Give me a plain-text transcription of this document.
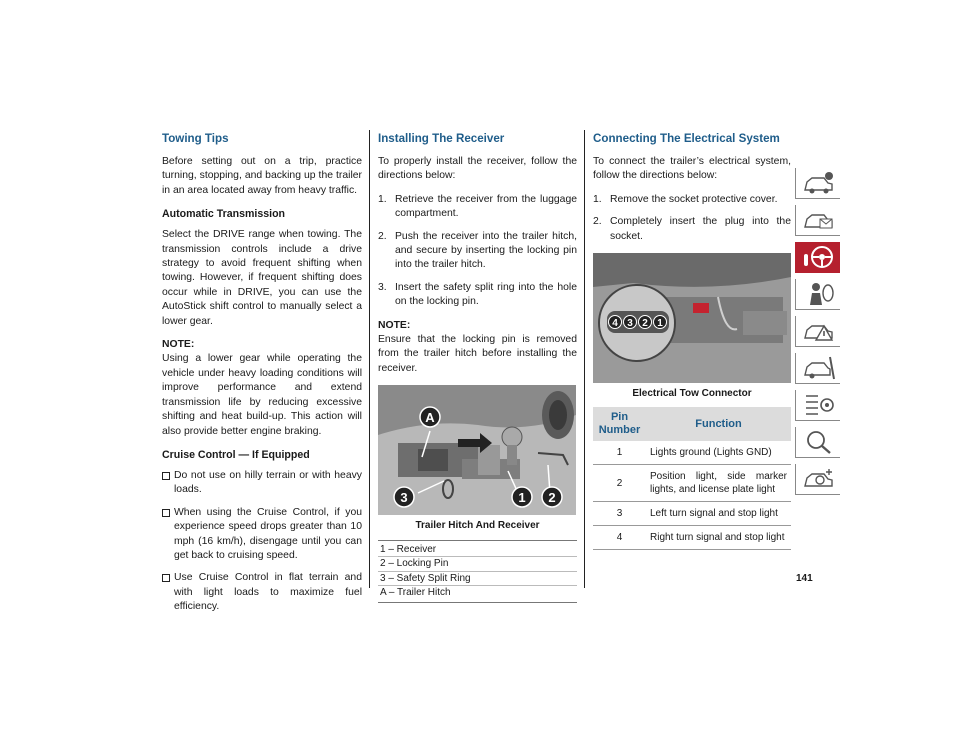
Towing Tips

Before setting out on a trip, practice turning, stopping, and backing up the trailer in an area located away from heavy traffic.

Automatic Transmission

Select the DRIVE range when towing. The transmission controls include a drive strategy to avoid frequent shifting when towing. However, if frequent shifting does occur while in DRIVE, you can use the AutoStick shift control to manually select a lower gear.

NOTE:
Using a lower gear while operating the vehicle under heavy loading conditions will improve performance and extend transmission life by reducing excessive shifting and heat build-up. This action will also provide better engine braking.

Cruise Control — If Equipped
Do not use on hilly terrain or with heavy loads.
When using the Cruise Control, if you experience speed drops greater than 10 mph (16 km/h), disengage until you can get back to cruising speed.
Use Cruise Control in flat terrain and with light loads to maximize fuel efficiency.
Installing The Receiver

To properly install the receiver, follow the directions below:

1. Retrieve the receiver from the luggage compartment.
2. Push the receiver into the trailer hitch, and secure by inserting the locking pin into the trailer hitch.
3. Insert the safety split ring into the hole on the locking pin.

NOTE:
Ensure that the locking pin is removed from the trailer hitch before installing the receiver.

A
3	1 2
Trailer Hitch And Receiver
1 – Receiver
2 – Locking Pin
3 – Safety Split Ring
A – Trailer Hitch
Connecting The Electrical System

To connect the trailer’s electrical system, follow the directions below:

1. Remove the socket protective cover.
2. Completely insert the plug into the socket.
4 3 2 1
Electrical Tow Connector
Pin Number	Function
1	Lights ground (Lights GND)
2	Position light, side marker lights, and license plate light
3	Left turn signal and stop light
4	Right turn signal and stop light
141
